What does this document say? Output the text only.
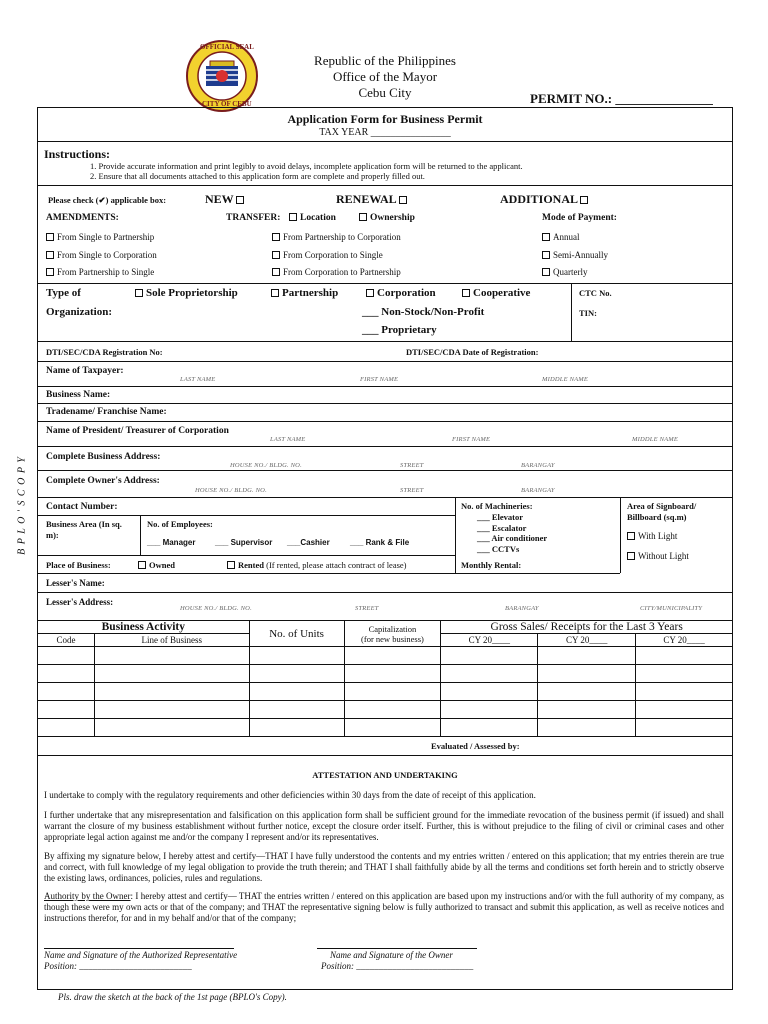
OFFICIAL SEAL
CITY OF CEBU
Republic of the Philippines
Office of the Mayor
Cebu City	PERMIT NO.: _______________
B P L O ' S C O P Y
Application Form for Business Permit
TAX YEAR ________________
Instructions:
1. Provide accurate information and print legibly to avoid delays, incomplete application form will be returned to the applicant.
2. Ensure that all documents attached to this application form are complete and properly filled out.
Please check (✔) applicable box:	NEW	RENEWAL	ADDITIONAL
AMENDMENTS:	TRANSFER:	Location	Ownership	Mode of Payment:
From Single to Partnership
From Single to Corporation
From Partnership to Single
From Partnership to Corporation
From Corporation to Single
From Corporation to Partnership
Annual
Semi-Annually
Quarterly
Type of
Organization:
Sole Proprietorship	Partnership	Corporation	Cooperative
___ Non-Stock/Non-Profit
___ Proprietary
CTC No.
TIN:
DTI/SEC/CDA Registration No:	DTI/SEC/CDA Date of Registration:
Name of Taxpayer:
LAST NAME	FIRST NAME	MIDDLE NAME
Business Name:
Tradename/ Franchise Name:
Name of President/ Treasurer of Corporation
LAST NAME	FIRST NAME	MIDDLE NAME
Complete Business Address:
HOUSE NO./ BLDG. NO.	STREET	BARANGAY
Complete Owner's Address:
HOUSE NO./ BLDG. NO.	STREET	BARANGAY
Contact Number:
Business Area (In sq. m):
No. of Employees:
___ Manager ___ Supervisor ___Cashier	___ Rank & File
No. of Machineries:
___ Elevator
___ Escalator
___ Air conditioner
___ CCTVs
Area of Signboard/ Billboard (sq.m)
With Light
Without Light
Place of Business:	Owned	Rented (If rented, please attach contract of lease)	Monthly Rental:
Lesser's Name:
Lesser's Address:
HOUSE NO./ BLDG. NO.	STREET	BARANGAY	CITY/MUNICIPALITY
Business Activity		No. of Units	Capitalization
(for new business)	Gross Sales/ Receipts for the Last 3 Years		
Code	Line of Business			CY 20____	CY 20____	CY 20____

Evaluated / Assessed by:						
ATTESTATION AND UNDERTAKING
I undertake to comply with the regulatory requirements and other deficiencies within 30 days from the date of receipt of this application.
I further undertake that any misrepresentation and falsification on this application form shall be sufficient ground for the immediate revocation of the business permit (if issued) and shall warrant the closure of my business establishment without further notice, except the closure order itself. Further, this is without prejudice to the filing of civil or criminal cases and other appropriate legal action against me and/or the company I represent and/or its representatives.
By affixing my signature below, I hereby attest and certify—THAT I have fully understood the contents and my entries written / entered on this application; that my entries therein are true and correct, with full knowledge of my legal obligation to provide the truth therein; and THAT I shall faithfully abide by all the terms and conditions set forth herein and to strictly observe the existing laws, ordinances, policies, rules and regulations.
Authority by the Owner: I hereby attest and certify— THAT the entries written / entered on this application are based upon my instructions and/or with the full authority of my company, as though these were my own acts or that of the company; and THAT the representative signing below is fully authorized to transact and submit this application, as well as receive notices and instructions therefor, for and in my behalf and/or that of the company;
Name and Signature of the Authorized Representative
Position: _________________________
Name and Signature of the Owner
Position: __________________________
Pls. draw the sketch at the back of the 1st page (BPLO's Copy).
